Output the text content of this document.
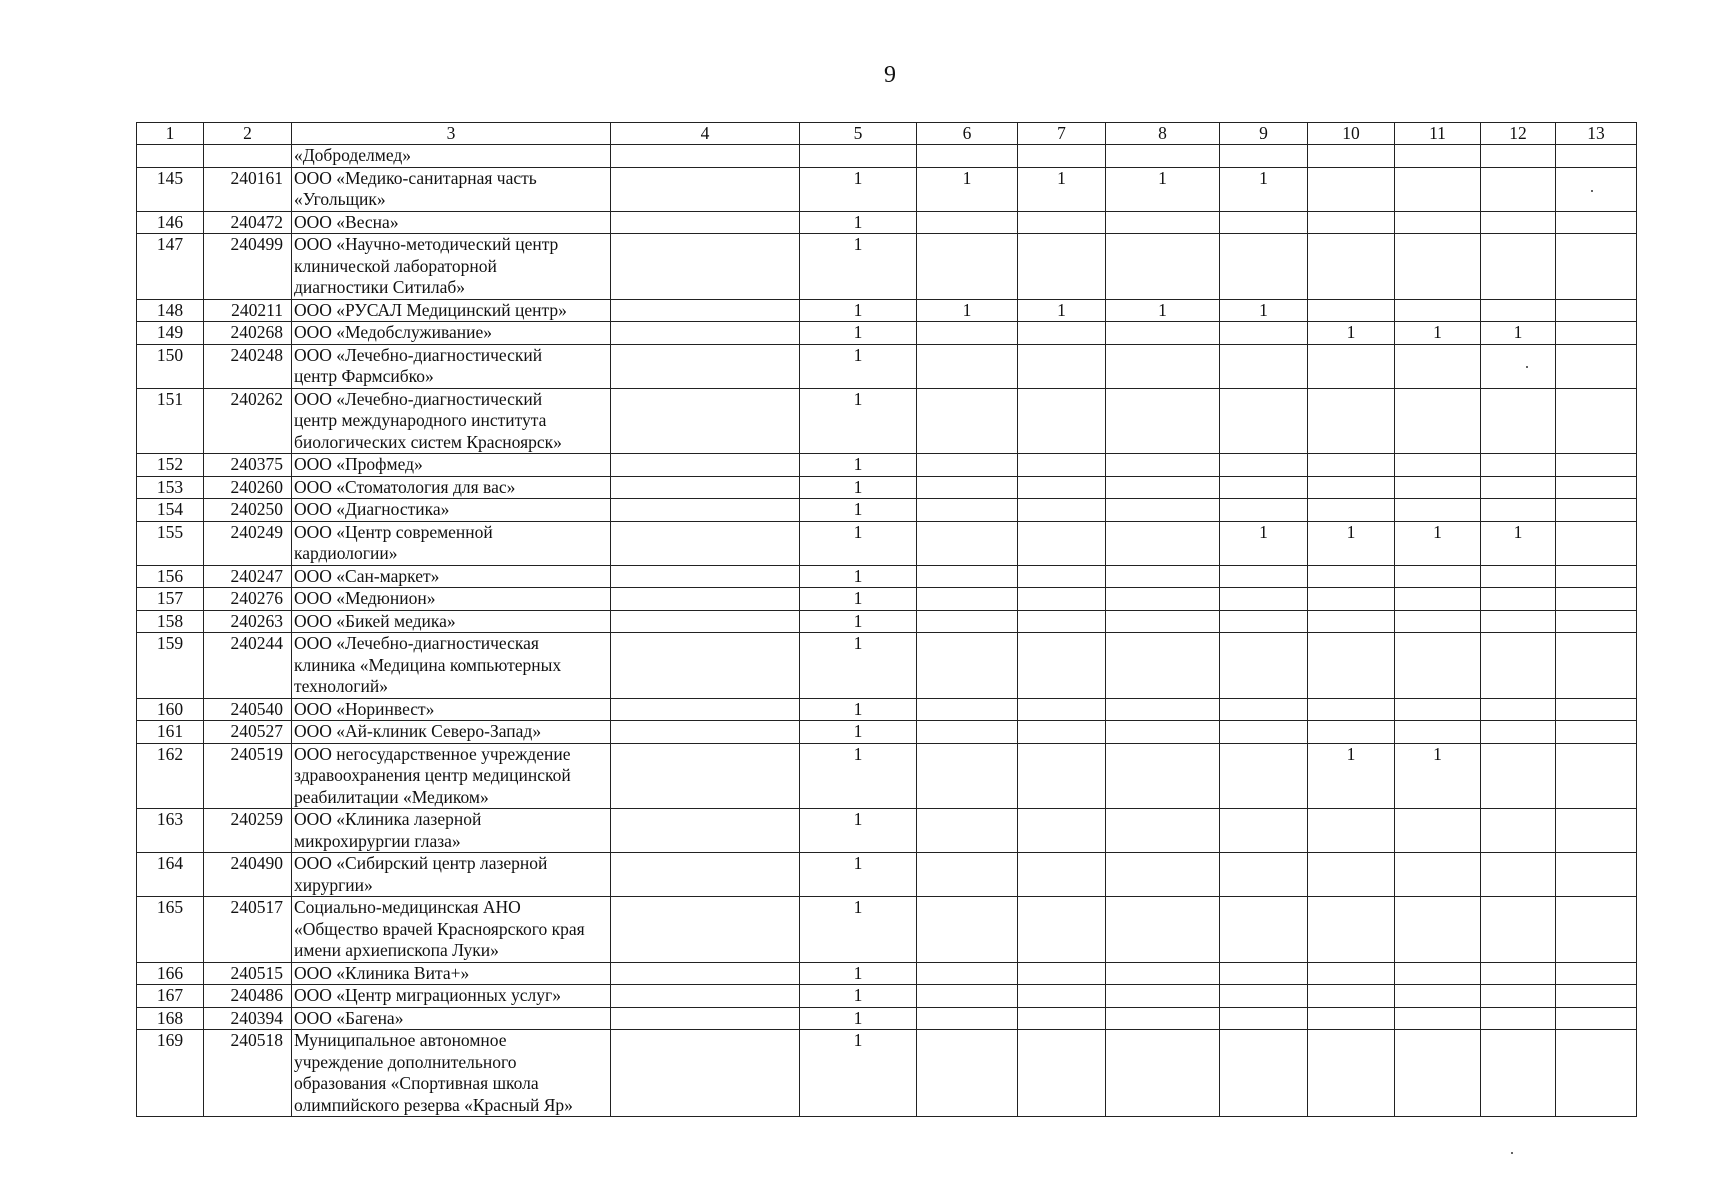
9
1	2	3	4	5	6	7	8	9	10	11	12	13
		«Доброделмед»										
145	240161	ООО «Медико-санитарная часть
«Угольщик»		1	1	1	1	1				
146	240472	ООО «Весна»		1								
147	240499	ООО «Научно-методический центр
клинической лабораторной
диагностики Ситилаб»		1								
148	240211	ООО «РУСАЛ Медицинский центр»		1	1	1	1	1				
149	240268	ООО «Медобслуживание»		1					1	1	1	
150	240248	ООО «Лечебно-диагностический
центр Фармсибко»		1								
151	240262	ООО «Лечебно-диагностический
центр международного института
биологических систем Красноярск»		1								
152	240375	ООО «Профмед»		1								
153	240260	ООО «Стоматология для вас»		1								
154	240250	ООО «Диагностика»		1								
155	240249	ООО «Центр современной
кардиологии»		1				1	1	1	1	
156	240247	ООО «Сан-маркет»		1								
157	240276	ООО «Медюнион»		1								
158	240263	ООО «Бикей медика»		1								
159	240244	ООО «Лечебно-диагностическая
клиника «Медицина компьютерных
технологий»		1								
160	240540	ООО «Норинвест»		1								
161	240527	ООО «Ай-клиник Северо-Запад»		1								
162	240519	ООО негосударственное учреждение
здравоохранения центр медицинской
реабилитации «Медиком»		1					1	1		
163	240259	ООО «Клиника лазерной
микрохирургии глаза»		1								
164	240490	ООО «Сибирский центр лазерной
хирургии»		1								
165	240517	Социально-медицинская АНО
«Общество врачей Красноярского края
имени архиепископа Луки»		1								
166	240515	ООО «Клиника Вита+»		1								
167	240486	ООО «Центр миграционных услуг»		1								
168	240394	ООО «Багена»		1								
169	240518	Муниципальное автономное
учреждение дополнительного
образования «Спортивная школа
олимпийского резерва «Красный Яр»		1								
